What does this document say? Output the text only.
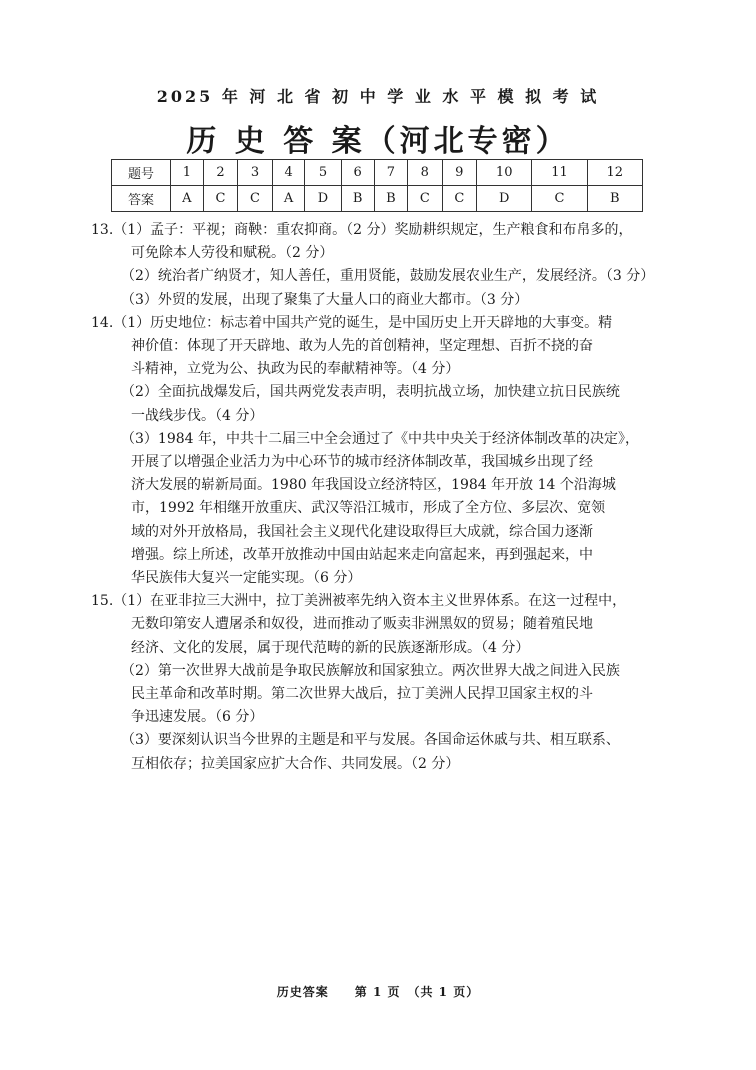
2025 年 河 北 省 初 中 学 业 水 平 模 拟 考 试
历 史 答 案（河北专密）
题号	1	2	3	4	5	6	7	8	9	10	11	12
答案	A	C	C	A	D	B	B	C	C	D	C	B
13.（1）孟子：平视；商鞅：重农抑商。（2 分）奖励耕织规定，生产粮食和布帛多的，
可免除本人劳役和赋税。（2 分）
（2）统治者广纳贤才，知人善任，重用贤能，鼓励发展农业生产，发展经济。（3 分）
（3）外贸的发展，出现了聚集了大量人口的商业大都市。（3 分）
14.（1）历史地位：标志着中国共产党的诞生，是中国历史上开天辟地的大事变。精
神价值：体现了开天辟地、敢为人先的首创精神，坚定理想、百折不挠的奋
斗精神，立党为公、执政为民的奉献精神等。（4 分）
（2）全面抗战爆发后，国共两党发表声明，表明抗战立场，加快建立抗日民族统
一战线步伐。（4 分）
（3）1984 年，中共十二届三中全会通过了《中共中央关于经济体制改革的决定》，
开展了以增强企业活力为中心环节的城市经济体制改革，我国城乡出现了经
济大发展的崭新局面。1980 年我国设立经济特区，1984 年开放 14 个沿海城
市，1992 年相继开放重庆、武汉等沿江城市，形成了全方位、多层次、宽领
域的对外开放格局，我国社会主义现代化建设取得巨大成就，综合国力逐渐
增强。综上所述，改革开放推动中国由站起来走向富起来，再到强起来，中
华民族伟大复兴一定能实现。（6 分）
15.（1）在亚非拉三大洲中，拉丁美洲被率先纳入资本主义世界体系。在这一过程中，
无数印第安人遭屠杀和奴役，进而推动了贩卖非洲黑奴的贸易；随着殖民地
经济、文化的发展，属于现代范畴的新的民族逐渐形成。（4 分）
（2）第一次世界大战前是争取民族解放和国家独立。两次世界大战之间进入民族
民主革命和改革时期。第二次世界大战后，拉丁美洲人民捍卫国家主权的斗
争迅速发展。（6 分）
（3）要深刻认识当今世界的主题是和平与发展。各国命运休戚与共、相互联系、
互相依存；拉美国家应扩大合作、共同发展。（2 分）
历史答案　　第 1 页　（共 1 页）
